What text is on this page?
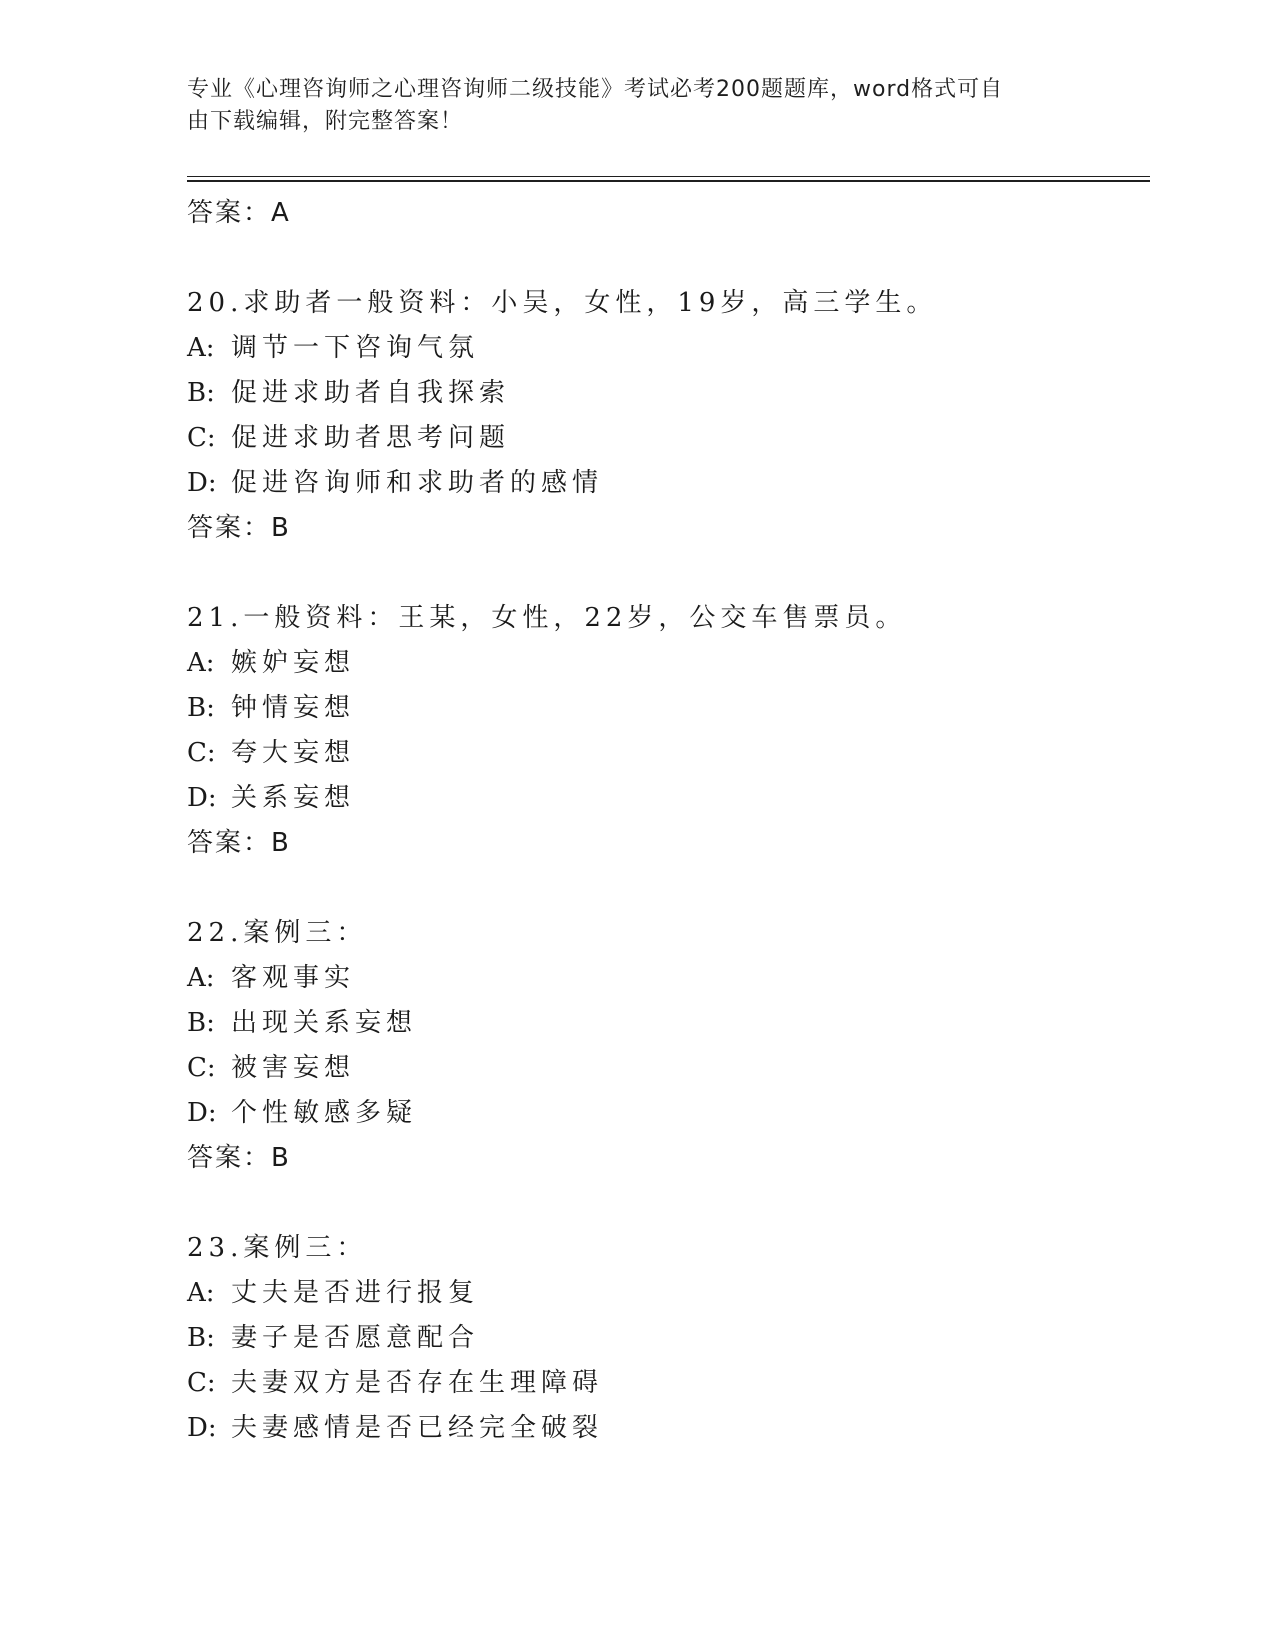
专业《心理咨询师之心理咨询师二级技能》考试必考200题题库，word格式可自
由下载编辑，附完整答案！
答案：A
20.求助者一般资料：小吴，女性，19岁，高三学生。
A: 调节一下咨询气氛
B: 促进求助者自我探索
C: 促进求助者思考问题
D: 促进咨询师和求助者的感情
答案：B
21.一般资料：王某，女性，22岁，公交车售票员。
A: 嫉妒妄想
B: 钟情妄想
C: 夸大妄想
D: 关系妄想
答案：B
22.案例三：
A: 客观事实
B: 出现关系妄想
C: 被害妄想
D: 个性敏感多疑
答案：B
23.案例三：
A: 丈夫是否进行报复
B: 妻子是否愿意配合
C: 夫妻双方是否存在生理障碍
D: 夫妻感情是否已经完全破裂
